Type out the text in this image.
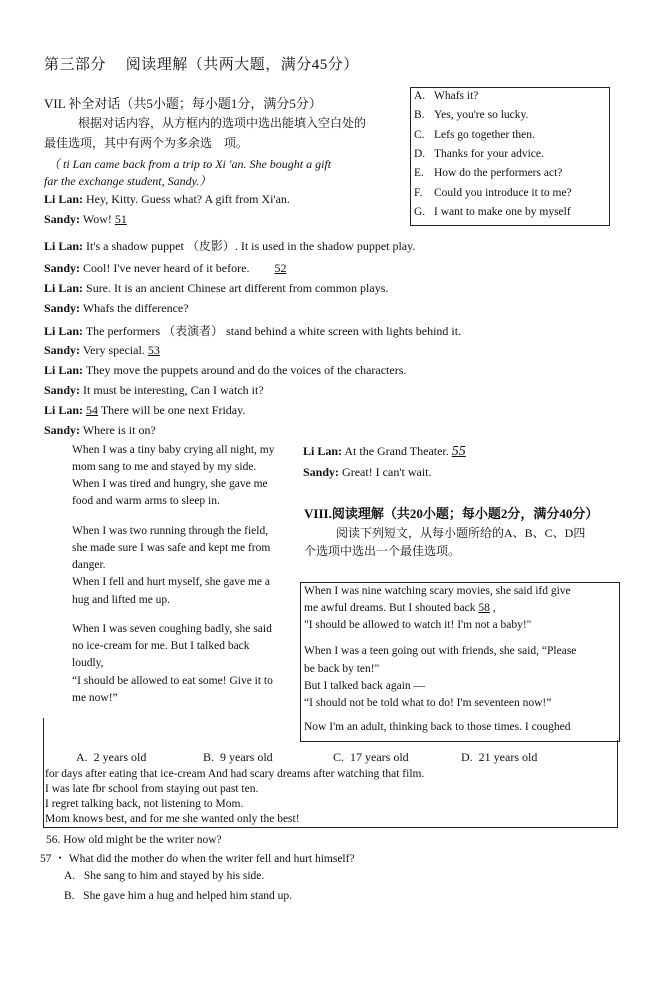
第三部分　 阅读理解（共两大题，满分45分）
VIL 补全对话（共5小题；每小题1分，满分5分）
根据对话内容，从方框内的选项中选出能填入空白处的
最佳选项，其中有两个为多余选　项。
（ ti Lan came back from a trip to Xi 'an. She bought a gift
far the exchange student, Sandy.）
A. Whafs it?
B. Yes, you're so lucky.
C. Lefs go together then.
D. Thanks for your advice.
E. How do the performers act?
F. Could you introduce it to me?
G. I want to make one by myself
Li Lan: Hey, Kitty. Guess what? A gift from Xi'an.
Sandy: Wow! 51
Li Lan: It's a shadow puppet （皮影）. It is used in the shadow puppet play.
Sandy: Cool! I've never heard of it before. 52
Li Lan: Sure. It is an ancient Chinese art different from common plays.
Sandy: Whafs the difference?
Li Lan: The performers （表演者） stand behind a white screen with lights behind it.
Sandy: Very special. 53
Li Lan: They move the puppets around and do the voices of the characters.
Sandy: It must be interesting, Can I watch it?
Li Lan: 54 There will be one next Friday.
Sandy: Where is it on?
Li Lan: At the Grand Theater. 55
Sandy: Great! I can't wait.
VIII.阅读理解（共20小题；每小题2分，满分40分）
阅读下列短文，从每小题所给的A、B、C、D四
个选项中选出一个最佳选项。
When I was a tiny baby crying all night, my
mom sang to me and stayed by my side.
When I was tired and hungry, she gave me
food and warm arms to sleep in.
When I was two running through the field,
she made sure I was safe and kept me from
danger.
When I fell and hurt myself, she gave me a
hug and lifted me up.
When I was seven coughing badly, she said
no ice-cream for me. But I talked back
loudly,
“I should be allowed to eat some! Give it to
me now!”
When I was nine watching scary movies, she said ifd give
me awful dreams. But I shouted back 58 ,
"I should be allowed to watch it! I'm not a baby!"
When I was a teen going out with friends, she said, “Please
be back by ten!"
But I talked back again —
“I should not be told what to do! I'm seventeen now!”
Now I'm an adult, thinking back to those times. I coughed
A. 2 years old	B. 9 years old	C. 17 years old	D. 21 years old
for days after eating that ice-cream And had scary dreams after watching that film.
I was late fbr school from staying out past ten.
I regret talking back, not listening to Mom.
Mom knows best, and for me she wanted only the best!
56. How old might be the writer now?
57 ・ What did the mother do when the writer fell and hurt himself?
A. She sang to him and stayed by his side.
B. She gave him a hug and helped him stand up.
